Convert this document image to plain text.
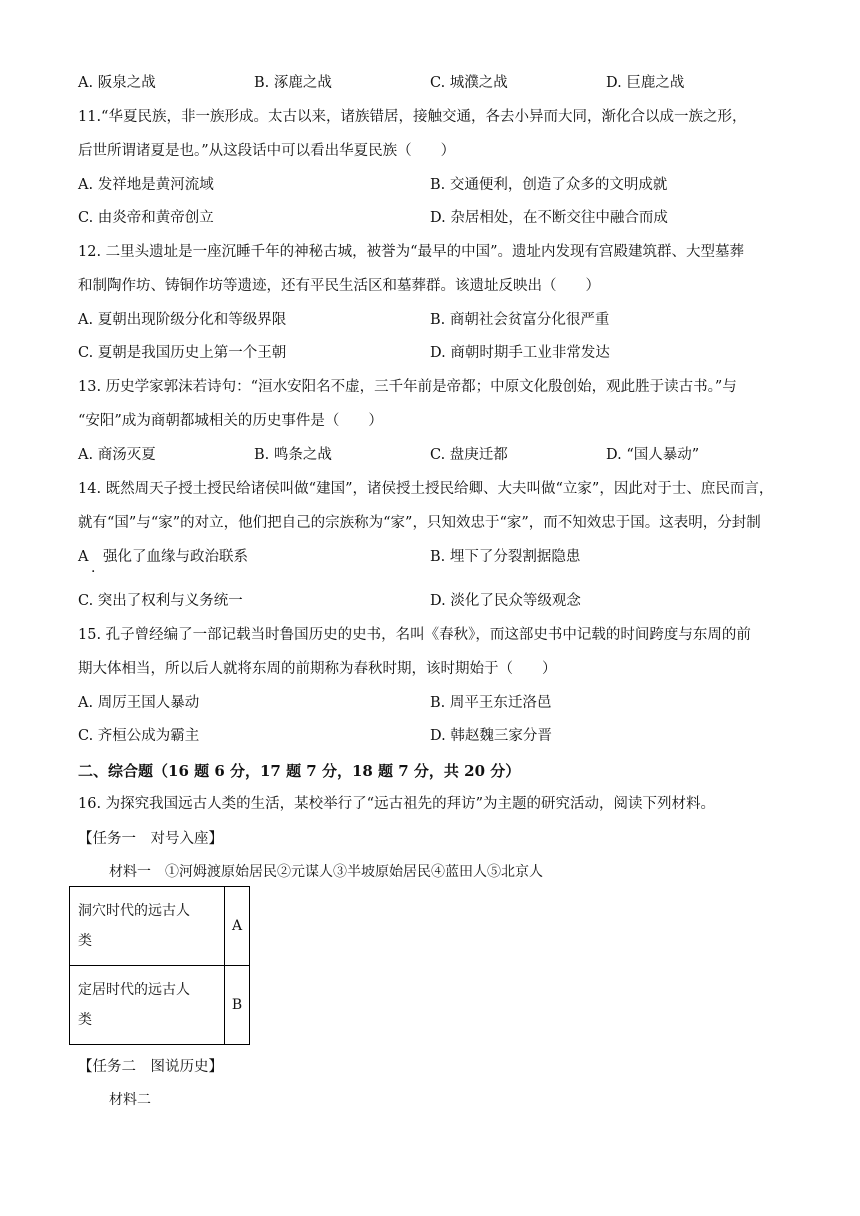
A. 阪泉之战	B. 涿鹿之战	C. 城濮之战	D. 巨鹿之战
11.“华夏民族，非一族形成。太古以来，诸族错居，接触交通，各去小异而大同，渐化合以成一族之形，
后世所谓诸夏是也。”从这段话中可以看出华夏民族（　　）
A. 发祥地是黄河流域	B. 交通便利，创造了众多的文明成就
C. 由炎帝和黄帝创立	D. 杂居相处，在不断交往中融合而成
12. 二里头遗址是一座沉睡千年的神秘古城，被誉为“最早的中国”。遗址内发现有宫殿建筑群、大型墓葬
和制陶作坊、铸铜作坊等遗迹，还有平民生活区和墓葬群。该遗址反映出（　　）
A. 夏朝出现阶级分化和等级界限	B. 商朝社会贫富分化很严重
C. 夏朝是我国历史上第一个王朝	D. 商朝时期手工业非常发达
13. 历史学家郭沫若诗句：“洹水安阳名不虚，三千年前是帝都；中原文化殷创始，观此胜于读古书。”与
“安阳”成为商朝都城相关的历史事件是（　　）
A. 商汤灭夏	B. 鸣条之战	C. 盘庚迁都	D. “国人暴动”
14. 既然周天子授土授民给诸侯叫做“建国”，诸侯授土授民给卿、大夫叫做“立家”，因此对于士、庶民而言，
就有“国”与“家”的对立，他们把自己的宗族称为“家”，只知效忠于“家”，而不知效忠于国。这表明，分封制
A　强化了血缘与政治联系
·
B. 埋下了分裂割据隐患
C. 突出了权利与义务统一	D. 淡化了民众等级观念
15. 孔子曾经编了一部记载当时鲁国历史的史书，名叫《春秋》，而这部史书中记载的时间跨度与东周的前
期大体相当，所以后人就将东周的前期称为春秋时期，该时期始于（　　）
A. 周厉王国人暴动	B. 周平王东迁洛邑
C. 齐桓公成为霸主	D. 韩赵魏三家分晋
二、综合题（16 题 6 分，17 题 7 分，18 题 7 分，共 20 分）
16. 为探究我国远古人类的生活，某校举行了“远古祖先的拜访”为主题的研究活动，阅读下列材料。
【任务一　对号入座】
材料一　①河姆渡原始居民②元谋人③半坡原始居民④蓝田人⑤北京人
洞穴时代的远古人
类	A

定居时代的远古人
类	B
【任务二　图说历史】
材料二
